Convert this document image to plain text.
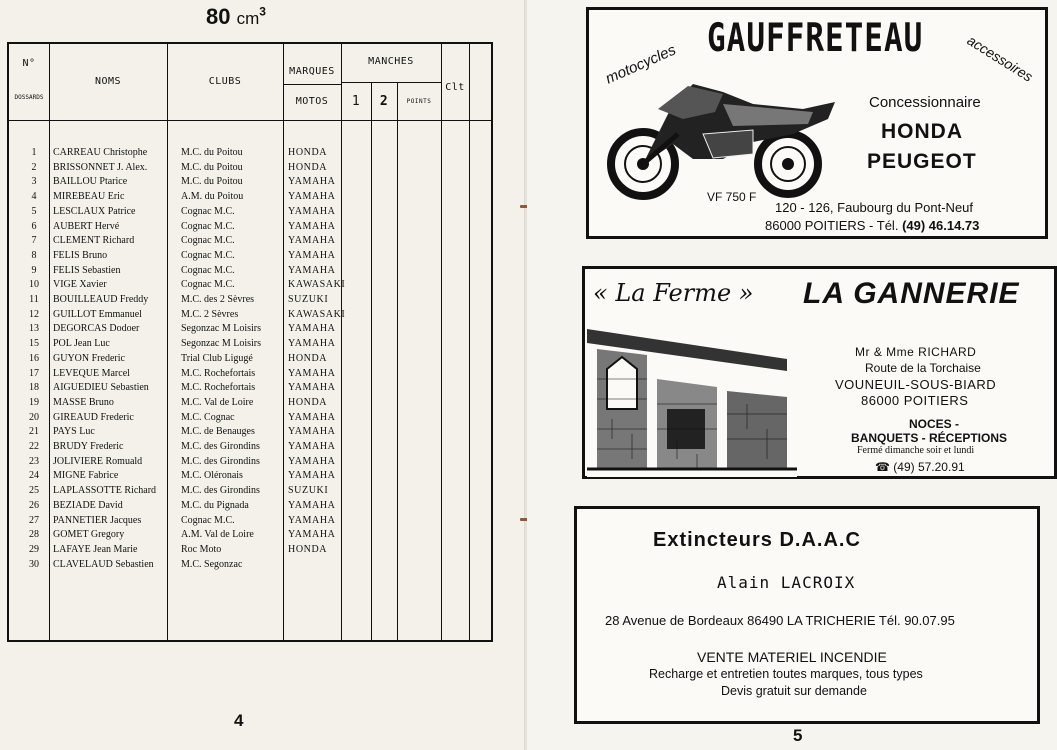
80 $cm^3$
N°
DOSSARDS
NOMS	CLUBS
MARQUES
MOTOS
MANCHES
1	2	POINTS
Clt
1	CARREAU Christophe	M.C. du Poitou	HONDA
2	BRISSONNET J. Alex.	M.C. du Poitou	HONDA
3	BAILLOU Ptarice	M.C. du Poitou	YAMAHA
4	MIREBEAU Eric	A.M. du Poitou	YAMAHA
5	LESCLAUX Patrice	Cognac M.C.	YAMAHA
6	AUBERT Hervé	Cognac M.C.	YAMAHA
7	CLEMENT Richard	Cognac M.C.	YAMAHA
8	FELIS Bruno	Cognac M.C.	YAMAHA
9	FELIS Sebastien	Cognac M.C.	YAMAHA
10	VIGE Xavier	Cognac M.C.	KAWASAKI
11	BOUILLEAUD Freddy	M.C. des 2 Sèvres	SUZUKI
12	GUILLOT Emmanuel	M.C. 2 Sèvres	KAWASAKI
13	DEGORCAS Dodoer	Segonzac M Loisirs	YAMAHA
15	POL Jean Luc	Segonzac M Loisirs	YAMAHA
16	GUYON Frederic	Trial Club Ligugé	HONDA
17	LEVEQUE Marcel	M.C. Rochefortais	YAMAHA
18	AIGUEDIEU Sebastien	M.C. Rochefortais	YAMAHA
19	MASSE Bruno	M.C. Val de Loire	HONDA
20	GIREAUD Frederic	M.C. Cognac	YAMAHA
21	PAYS Luc	M.C. de Benauges	YAMAHA
22	BRUDY Frederic	M.C. des Girondins	YAMAHA
23	JOLIVIERE Romuald	M.C. des Girondins	YAMAHA
24	MIGNE Fabrice	M.C. Oléronais	YAMAHA
25	LAPLASSOTTE Richard	M.C. des Girondins	SUZUKI
26	BEZIADE David	M.C. du Pignada	YAMAHA
27	PANNETIER Jacques	Cognac M.C.	YAMAHA
28	GOMET Gregory	A.M. Val de Loire	YAMAHA
29	LAFAYE Jean Marie	Roc Moto	HONDA
30	CLAVELAUD Sebastien	M.C. Segonzac
4
GAUFFRETEAU
motocycles	accessoires
VF 750 F
Concessionnaire
HONDA
PEUGEOT
120 - 126, Faubourg du Pont-Neuf
86000 POITIERS - Tél. (49) 46.14.73
« La Ferme » LA GANNERIE
Mr & Mme RICHARD
Route de la Torchaise
VOUNEUIL-SOUS-BIARD
86000 POITIERS
NOCES -
BANQUETS - RÉCEPTIONS
Fermé dimanche soir et lundi
☎ (49) 57.20.91
Extincteurs D.A.A.C
Alain LACROIX
28 Avenue de Bordeaux 86490 LA TRICHERIE Tél. 90.07.95
VENTE MATERIEL INCENDIE
Recharge et entretien toutes marques, tous types
Devis gratuit sur demande
5
